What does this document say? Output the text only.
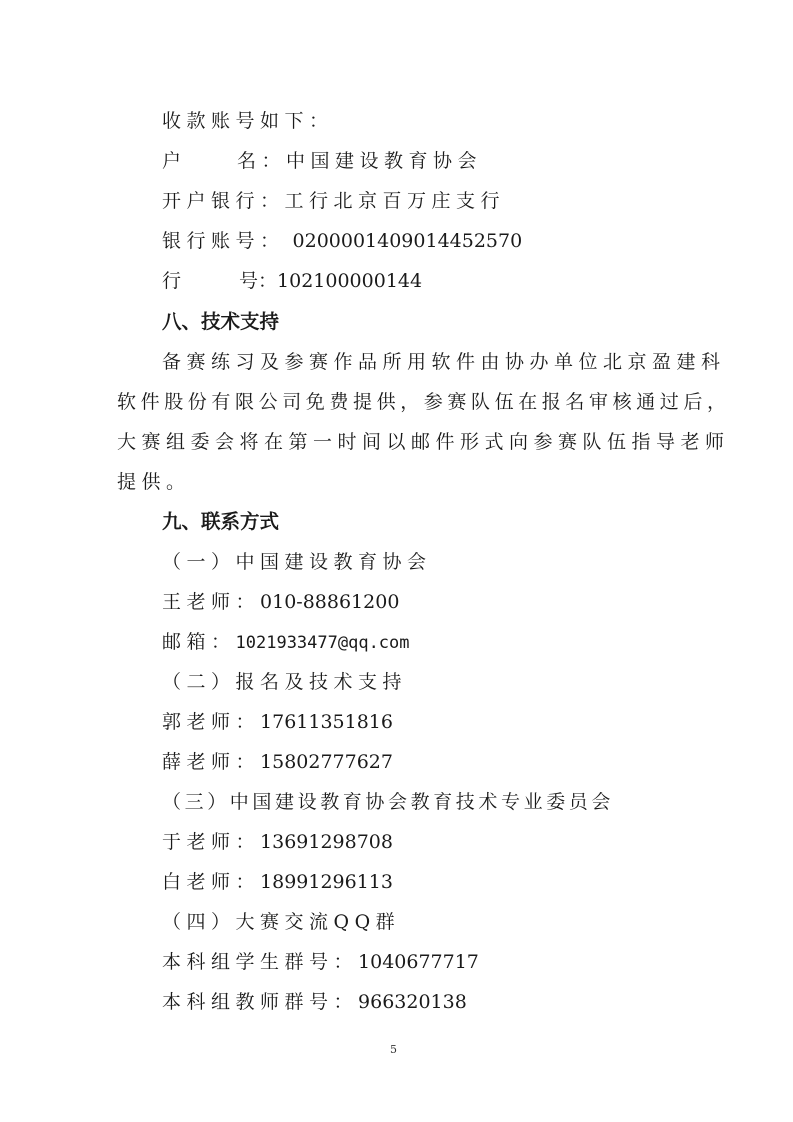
收款账号如下：
户	名：中国建设教育协会
开户银行：工行北京百万庄支行
银行账号： 0200001409014452570
行	号：102100000144
八、技术支持
备赛练习及参赛作品所用软件由协办单位北京盈建科
软件股份有限公司免费提供，参赛队伍在报名审核通过后，
大赛组委会将在第一时间以邮件形式向参赛队伍指导老师
提供。
九、联系方式
（一）中国建设教育协会
王老师：010-88861200
邮箱：1021933477@qq.com
（二）报名及技术支持
郭老师：17611351816
薛老师：15802777627
（三）中国建设教育协会教育技术专业委员会
于老师：13691298708
白老师：18991296113
（四）大赛交流QQ群
本科组学生群号：1040677717
本科组教师群号：966320138
5
